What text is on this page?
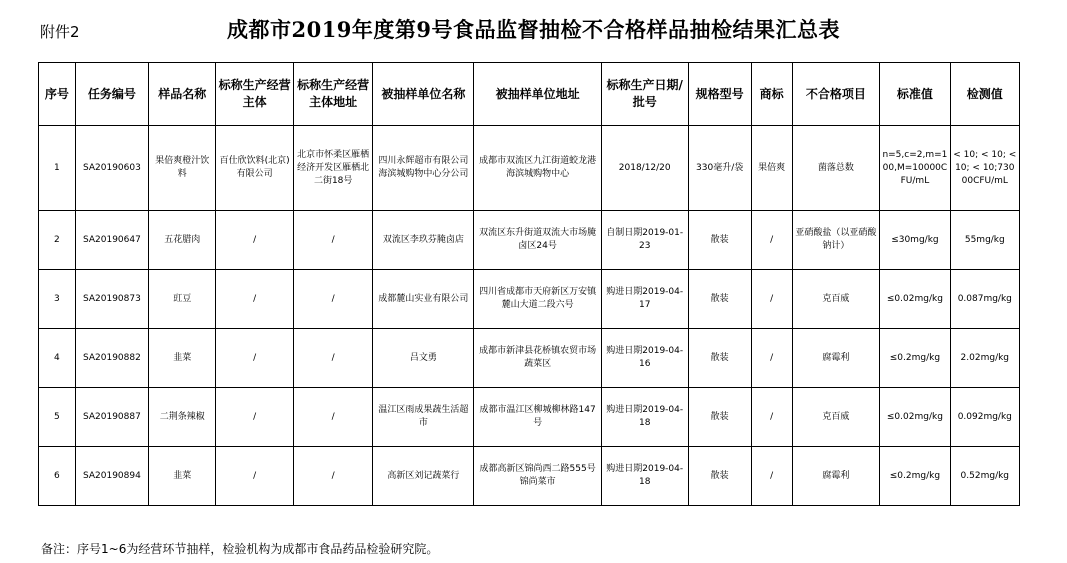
附件2	成都市2019年度第9号食品监督抽检不合格样品抽检结果汇总表
序号	任务编号	样品名称	标称生产经营主体	标称生产经营主体地址	被抽样单位名称	被抽样单位地址	标称生产日期/批号	规格型号	商标	不合格项目	标准值	检测值
1	SA20190603	果倍爽橙汁饮料	百仕欣饮料(北京)有限公司	北京市怀柔区雁栖经济开发区雁栖北二街18号	四川永辉超市有限公司海滨城购物中心分公司	成都市双流区九江街道蛟龙港海滨城购物中心	2018/12/20	330毫升/袋	果倍爽	菌落总数	n=5,c=2,m=100,M=10000CFU/mL	< 10; < 10; < 10; < 10;73000CFU/mL
2	SA20190647	五花腊肉	/	/	双流区李玖芬腌卤店	双流区东升街道双流大市场腌卤区24号	自制日期2019-01-23	散装	/	亚硝酸盐（以亚硝酸钠计）	≤30mg/kg	55mg/kg
3	SA20190873	豇豆	/	/	成都麓山实业有限公司	四川省成都市天府新区万安镇麓山大道二段六号	购进日期2019-04-17	散装	/	克百威	≤0.02mg/kg	0.087mg/kg
4	SA20190882	韭菜	/	/	吕文勇	成都市新津县花桥镇农贸市场蔬菜区	购进日期2019-04-16	散装	/	腐霉利	≤0.2mg/kg	2.02mg/kg
5	SA20190887	二荆条辣椒	/	/	温江区雨成果蔬生活超市	成都市温江区柳城柳林路147号	购进日期2019-04-18	散装	/	克百威	≤0.02mg/kg	0.092mg/kg
6	SA20190894	韭菜	/	/	高新区刘记蔬菜行	成都高新区锦尚西二路555号锦尚菜市	购进日期2019-04-18	散装	/	腐霉利	≤0.2mg/kg	0.52mg/kg
备注：序号1~6为经营环节抽样，检验机构为成都市食品药品检验研究院。
